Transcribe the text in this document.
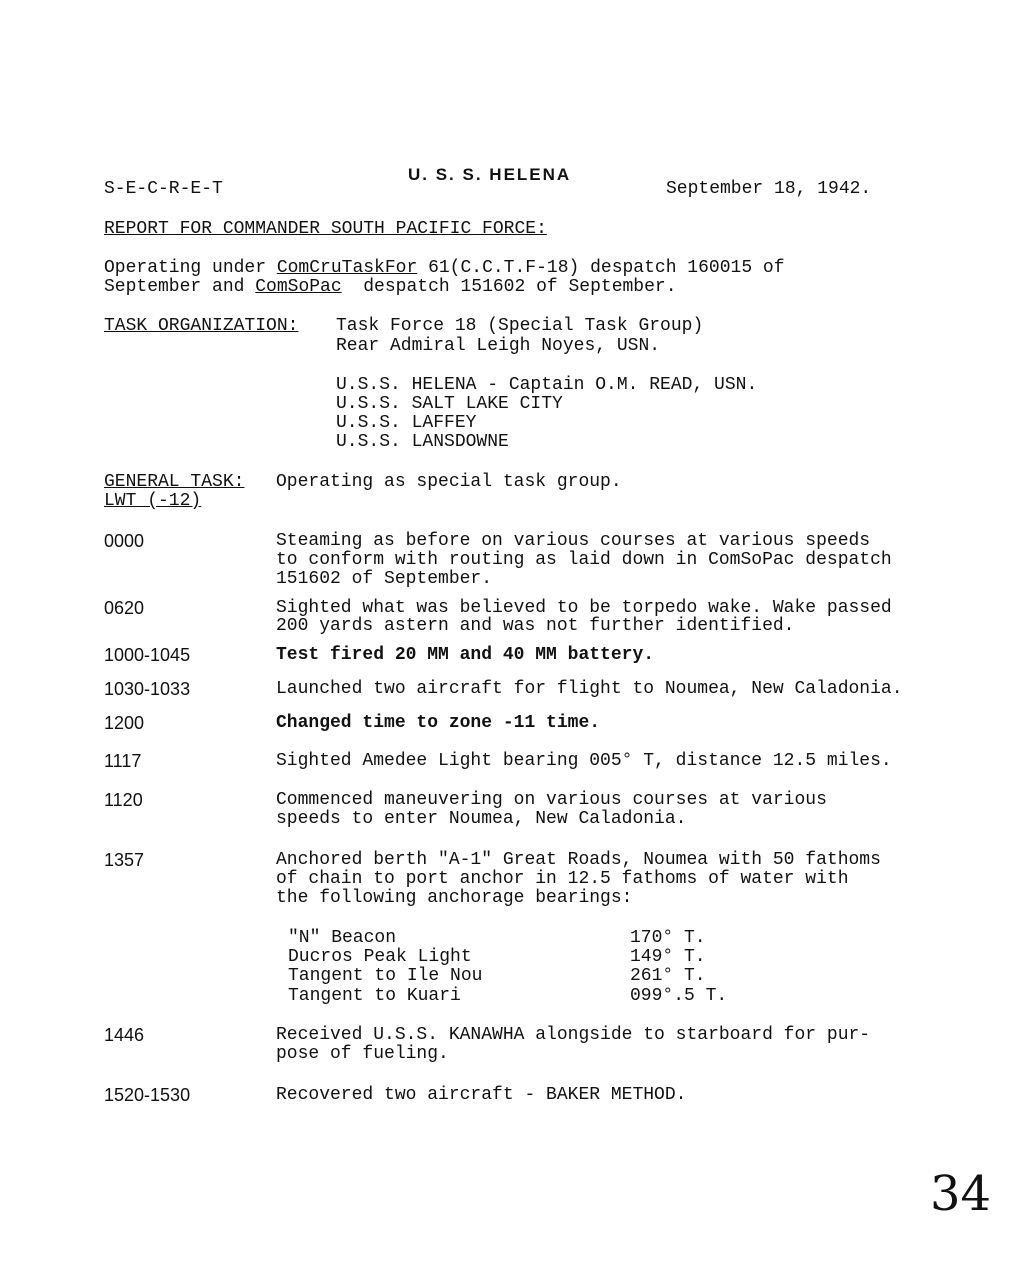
U. S. S. HELENA
S-E-C-R-E-T	September 18, 1942.
REPORT FOR COMMANDER SOUTH PACIFIC FORCE:
Operating under ComCruTaskFor 61(C.C.T.F-18) despatch 160015 of
September and ComSoPac  despatch 151602 of September.
TASK ORGANIZATION: Task Force 18 (Special Task Group)
Rear Admiral Leigh Noyes, USN.
U.S.S. HELENA - Captain O.M. READ, USN.
U.S.S. SALT LAKE CITY
U.S.S. LAFFEY
U.S.S. LANSDOWNE
GENERAL TASK: Operating as special task group.
LWT (-12)
0000	Steaming as before on various courses at various speeds
to conform with routing as laid down in ComSoPac despatch
151602 of September.
0620	Sighted what was believed to be torpedo wake. Wake passed
200 yards astern and was not further identified.
1000-1045	Test fired 20 MM and 40 MM battery.
1030-1033	Launched two aircraft for flight to Noumea, New Caladonia.
1200	Changed time to zone -11 time.
1117	Sighted Amedee Light bearing 005° T, distance 12.5 miles.
1120	Commenced maneuvering on various courses at various
speeds to enter Noumea, New Caladonia.
1357	Anchored berth "A-1" Great Roads, Noumea with 50 fathoms
of chain to port anchor in 12.5 fathoms of water with
the following anchorage bearings:
"N" Beacon	170° T.
Ducros Peak Light	149° T.
Tangent to Ile Nou	261° T.
Tangent to Kuari	099°.5 T.
1446	Received U.S.S. KANAWHA alongside to starboard for pur-
pose of fueling.
1520-1530	Recovered two aircraft - BAKER METHOD.
34
